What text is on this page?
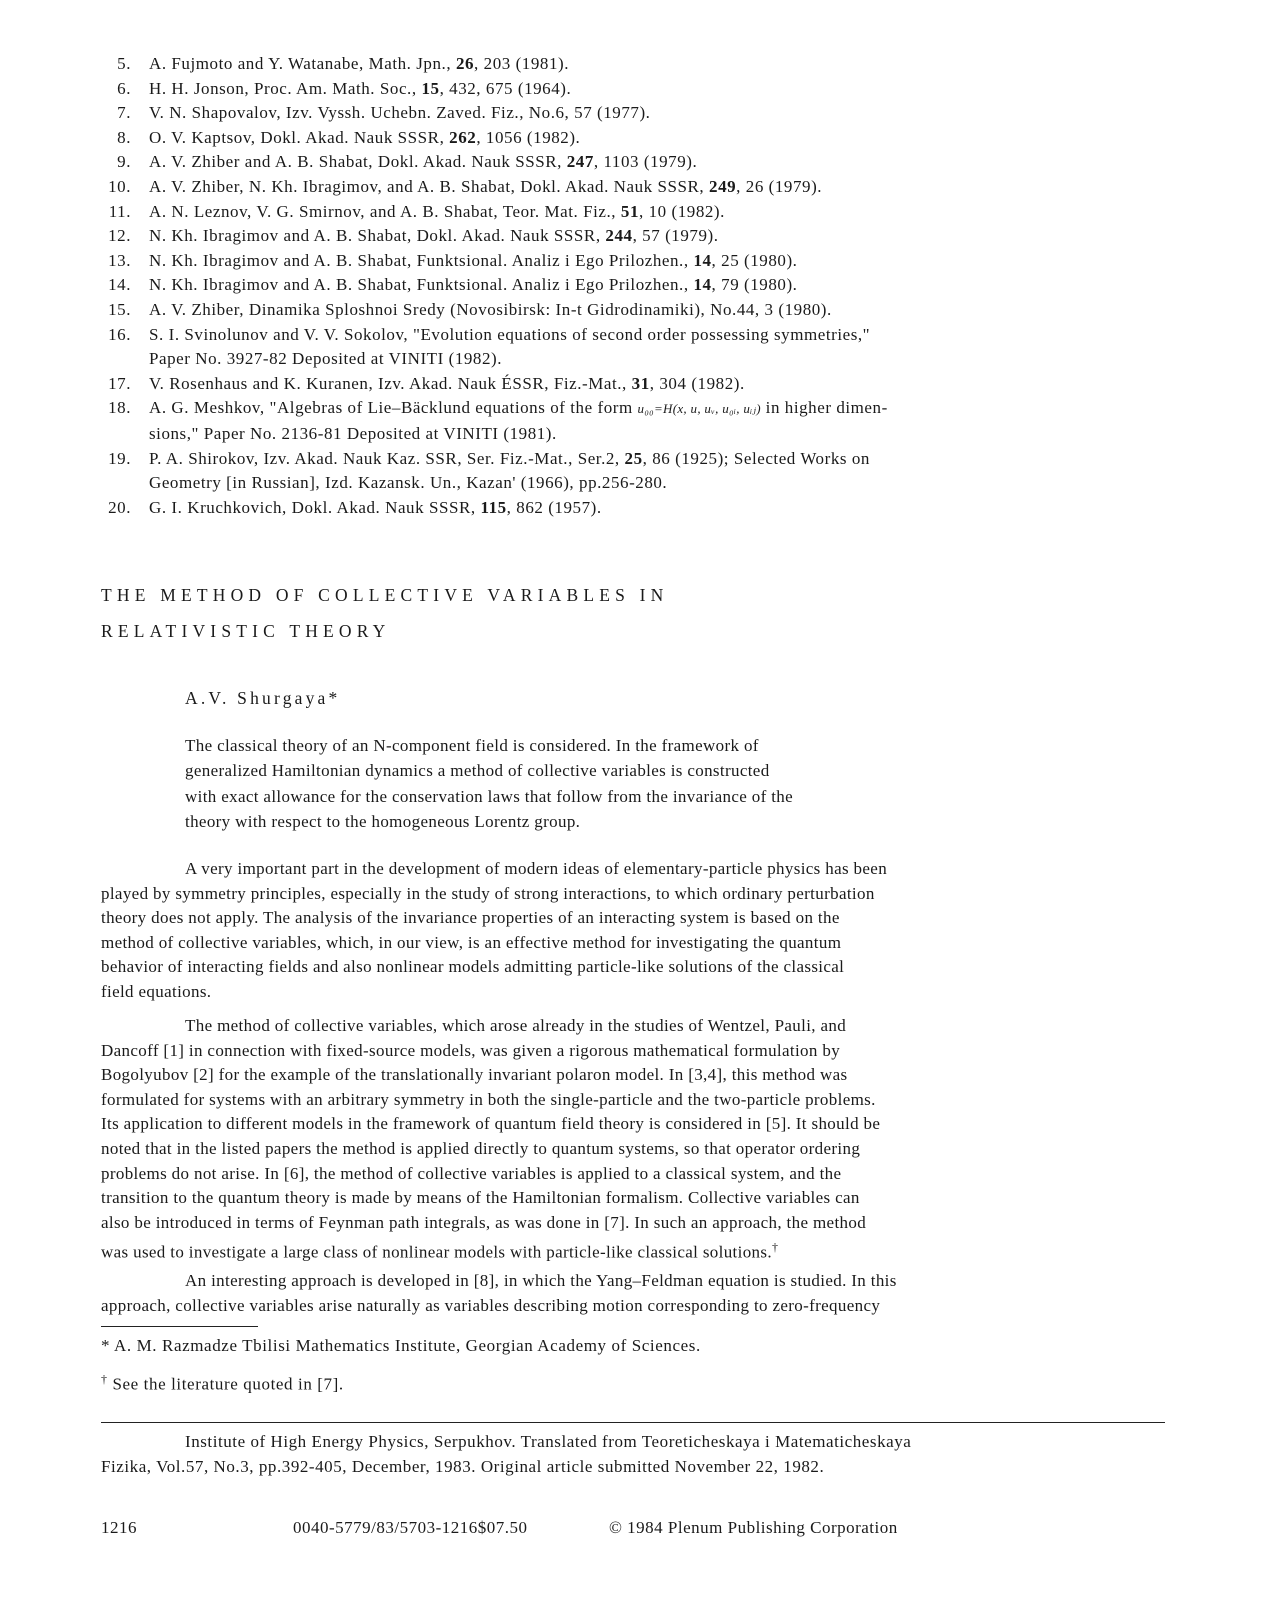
5. A. Fujmoto and Y. Watanabe, Math. Jpn., 26, 203 (1981).
6. H. H. Jonson, Proc. Am. Math. Soc., 15, 432, 675 (1964).
7. V. N. Shapovalov, Izv. Vyssh. Uchebn. Zaved. Fiz., No.6, 57 (1977).
8. O. V. Kaptsov, Dokl. Akad. Nauk SSSR, 262, 1056 (1982).
9. A. V. Zhiber and A. B. Shabat, Dokl. Akad. Nauk SSSR, 247, 1103 (1979).
10. A. V. Zhiber, N. Kh. Ibragimov, and A. B. Shabat, Dokl. Akad. Nauk SSSR, 249, 26 (1979).
11. A. N. Leznov, V. G. Smirnov, and A. B. Shabat, Teor. Mat. Fiz., 51, 10 (1982).
12. N. Kh. Ibragimov and A. B. Shabat, Dokl. Akad. Nauk SSSR, 244, 57 (1979).
13. N. Kh. Ibragimov and A. B. Shabat, Funktsional. Analiz i Ego Prilozhen., 14, 25 (1980).
14. N. Kh. Ibragimov and A. B. Shabat, Funktsional. Analiz i Ego Prilozhen., 14, 79 (1980).
15. A. V. Zhiber, Dinamika Sploshnoi Sredy (Novosibirsk: In-t Gidrodinamiki), No.44, 3 (1980).
16. S. I. Svinolunov and V. V. Sokolov, "Evolution equations of second order possessing symmetries,"
Paper No. 3927-82 Deposited at VINITI (1982).
17. V. Rosenhaus and K. Kuranen, Izv. Akad. Nauk ÉSSR, Fiz.-Mat., 31, 304 (1982).
18. A. G. Meshkov, "Algebras of Lie–Bäcklund equations of the form u₀₀=H(x, u, uᵥ, u₀ᵢ, uᵢⱼ) in higher dimen-
sions," Paper No. 2136-81 Deposited at VINITI (1981).
19. P. A. Shirokov, Izv. Akad. Nauk Kaz. SSR, Ser. Fiz.-Mat., Ser.2, 25, 86 (1925); Selected Works on
Geometry [in Russian], Izd. Kazansk. Un., Kazan' (1966), pp.256-280.
20. G. I. Kruchkovich, Dokl. Akad. Nauk SSSR, 115, 862 (1957).
THE METHOD OF COLLECTIVE VARIABLES IN
RELATIVISTIC THEORY
A.V. Shurgaya*
The classical theory of an N-component field is considered. In the framework of
generalized Hamiltonian dynamics a method of collective variables is constructed
with exact allowance for the conservation laws that follow from the invariance of the
theory with respect to the homogeneous Lorentz group.
A very important part in the development of modern ideas of elementary-particle physics has been
played by symmetry principles, especially in the study of strong interactions, to which ordinary perturbation
theory does not apply. The analysis of the invariance properties of an interacting system is based on the
method of collective variables, which, in our view, is an effective method for investigating the quantum
behavior of interacting fields and also nonlinear models admitting particle-like solutions of the classical
field equations.
The method of collective variables, which arose already in the studies of Wentzel, Pauli, and
Dancoff [1] in connection with fixed-source models, was given a rigorous mathematical formulation by
Bogolyubov [2] for the example of the translationally invariant polaron model. In [3,4], this method was
formulated for systems with an arbitrary symmetry in both the single-particle and the two-particle problems.
Its application to different models in the framework of quantum field theory is considered in [5]. It should be
noted that in the listed papers the method is applied directly to quantum systems, so that operator ordering
problems do not arise. In [6], the method of collective variables is applied to a classical system, and the
transition to the quantum theory is made by means of the Hamiltonian formalism. Collective variables can
also be introduced in terms of Feynman path integrals, as was done in [7]. In such an approach, the method
was used to investigate a large class of nonlinear models with particle-like classical solutions.†
An interesting approach is developed in [8], in which the Yang–Feldman equation is studied. In this
approach, collective variables arise naturally as variables describing motion corresponding to zero-frequency
* A. M. Razmadze Tbilisi Mathematics Institute, Georgian Academy of Sciences.
† See the literature quoted in [7].
Institute of High Energy Physics, Serpukhov. Translated from Teoreticheskaya i Matematicheskaya
Fizika, Vol.57, No.3, pp.392-405, December, 1983. Original article submitted November 22, 1982.
1216	0040-5779/83/5703-1216$07.50	© 1984 Plenum Publishing Corporation
